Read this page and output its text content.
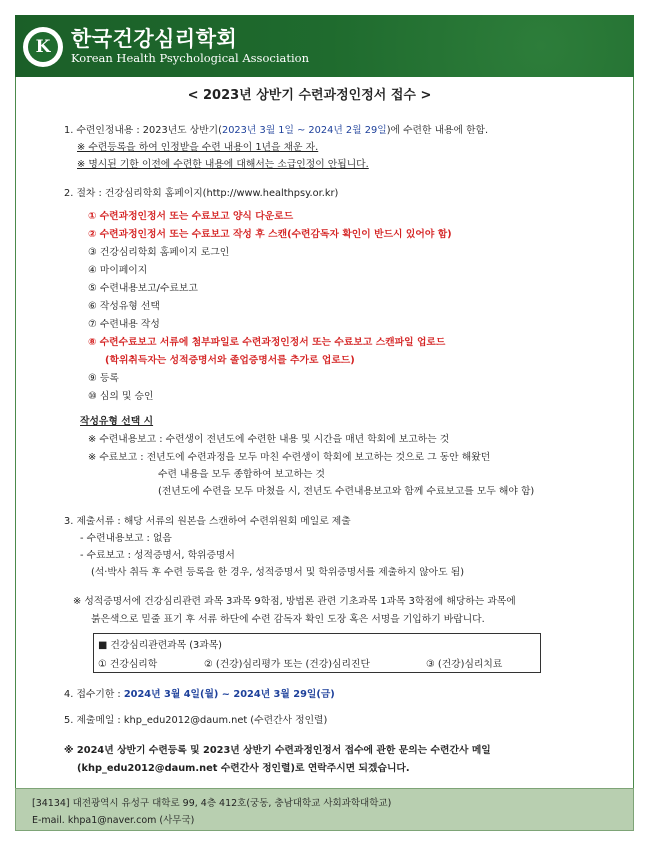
K 한국건강심리학회
Korean Health Psychological Association
[34134] 대전광역시 유성구 대학로 99, 4층 412호(궁동, 충남대학교 사회과학대학교)
E-mail. khpa1@naver.com (사무국)
< 2023년 상반기 수련과정인정서 접수 >
1. 수련인정내용 : 2023년도 상반기(2023년 3월 1일 ~ 2024년 2월 29일)에 수련한 내용에 한함.
※ 수련등록을 하여 인정받을 수련 내용이 1년을 채운 자.
※ 명시된 기한 이전에 수련한 내용에 대해서는 소급인정이 안됩니다.
2. 절차 : 건강심리학회 홈페이지(http://www.healthpsy.or.kr)
① 수련과정인정서 또는 수료보고 양식 다운로드
② 수련과정인정서 또는 수료보고 작성 후 스캔(수련감독자 확인이 반드시 있어야 함)
③ 건강심리학회 홈페이지 로그인
④ 마이페이지
⑤ 수련내용보고/수료보고
⑥ 작성유형 선택
⑦ 수련내용 작성
⑧ 수련수료보고 서류에 첨부파일로 수련과정인정서 또는 수료보고 스캔파일 업로드
(학위취득자는 성적증명서와 졸업증명서를 추가로 업로드)
⑨ 등록
⑩ 심의 및 승인
작성유형 선택 시
※ 수련내용보고 : 수련생이 전년도에 수련한 내용 및 시간을 매년 학회에 보고하는 것
※ 수료보고 : 전년도에 수련과정을 모두 마친 수련생이 학회에 보고하는 것으로 그 동안 해왔던
수련 내용을 모두 종합하여 보고하는 것
(전년도에 수련을 모두 마쳤을 시, 전년도 수련내용보고와 함께 수료보고를 모두 해야 함)
3. 제출서류 : 해당 서류의 원본을 스캔하여 수련위원회 메일로 제출
- 수련내용보고 : 없음
- 수료보고 : 성적증명서, 학위증명서
(석·박사 취득 후 수련 등록을 한 경우, 성적증명서 및 학위증명서를 제출하지 않아도 됨)
※ 성적증명서에 건강심리관련 과목 3과목 9학점, 방법론 관련 기초과목 1과목 3학점에 해당하는 과목에
붉은색으로 밑줄 표기 후 서류 하단에 수련 감독자 확인 도장 혹은 서명을 기입하기 바랍니다.
■ 건강심리관련과목 (3과목)
① 건강심리학	② (건강)심리평가 또는 (건강)심리진단	③ (건강)심리치료
4. 접수기한 : 2024년 3월 4일(월) ~ 2024년 3월 29일(금)
5. 제출메일 : khp_edu2012@daum.net (수련간사 정인렬)
※ 2024년 상반기 수련등록 및 2023년 상반기 수련과정인정서 접수에 관한 문의는 수련간사 메일
(khp_edu2012@daum.net 수련간사 정인렬)로 연락주시면 되겠습니다.
